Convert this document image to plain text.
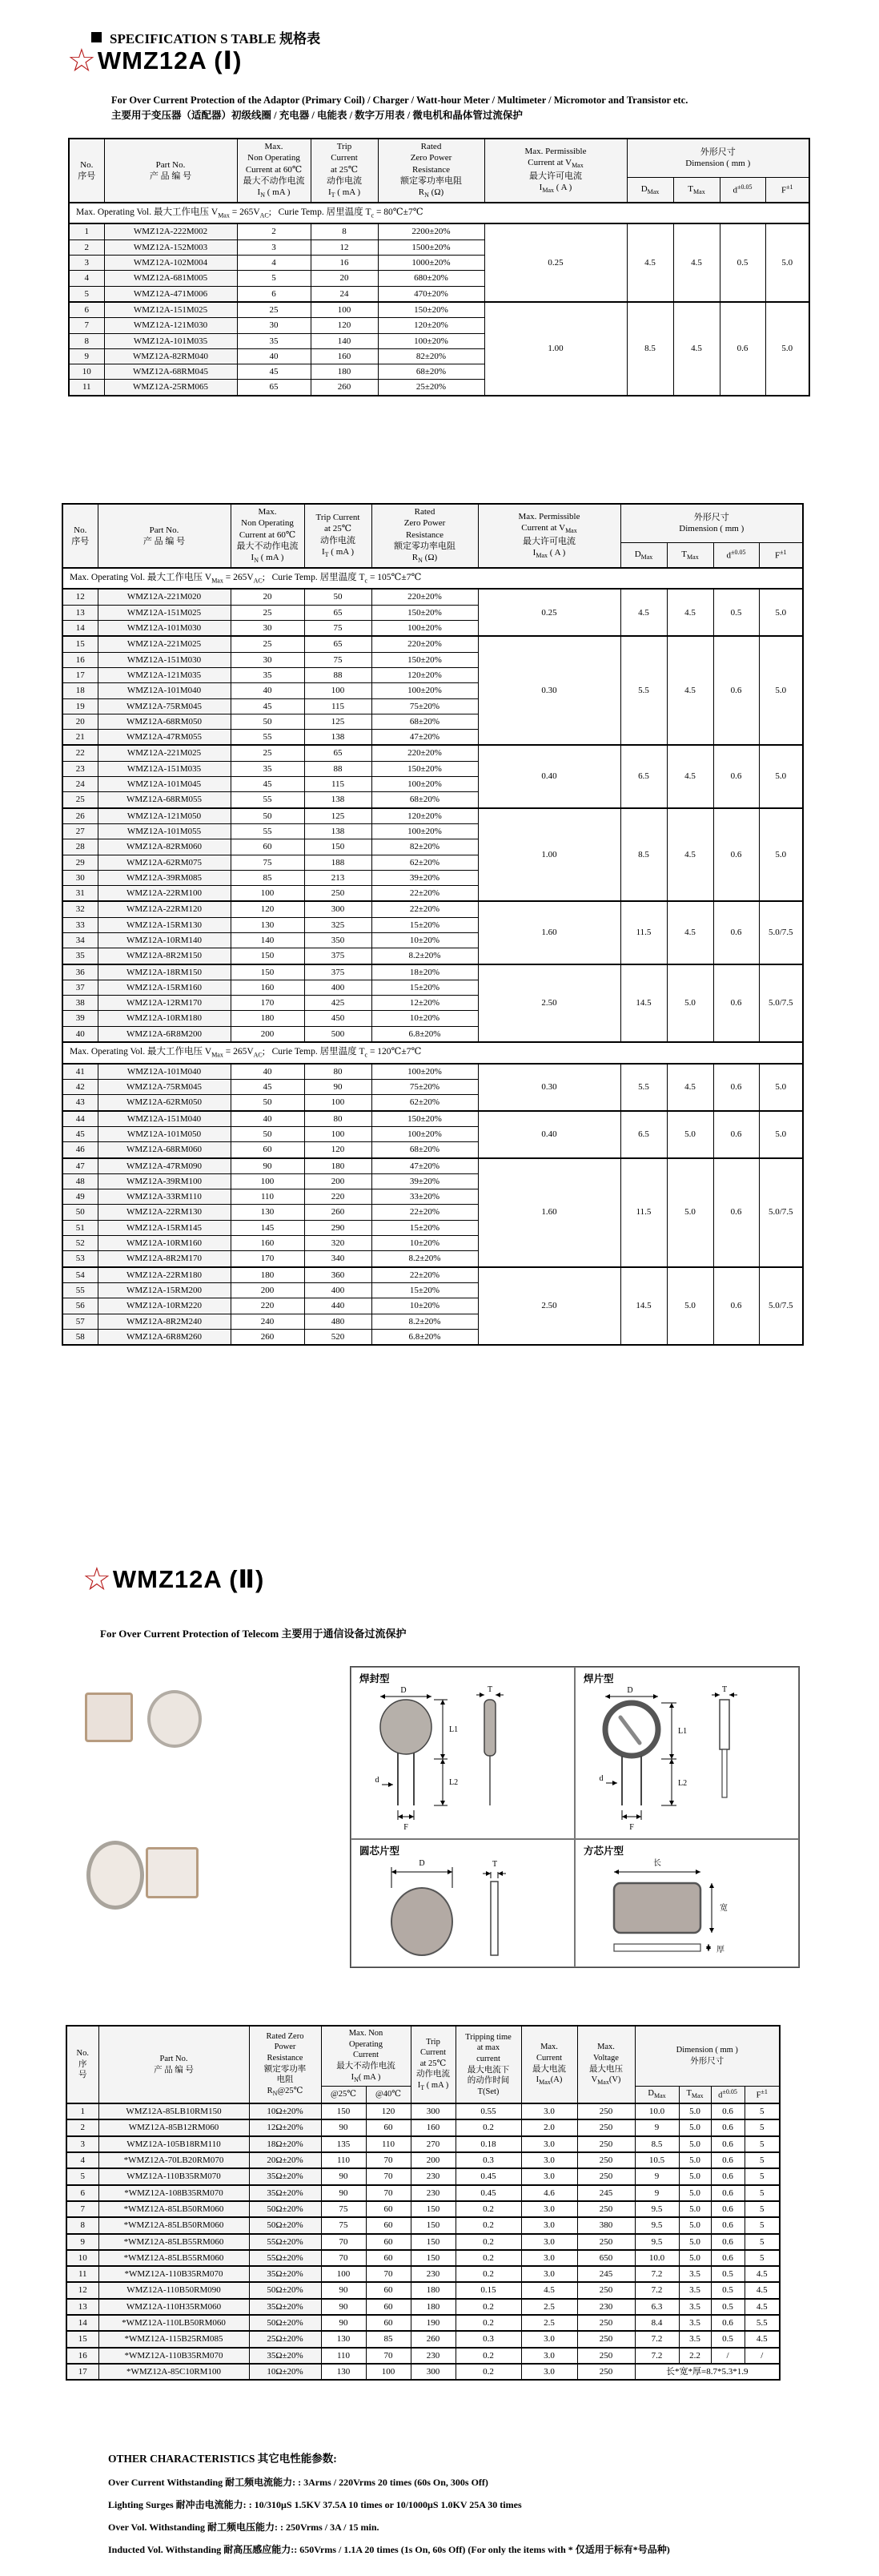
SPECIFICATION S TABLE 规格表
☆ WMZ12A (Ⅰ)
For Over Current Protection of the Adaptor (Primary Coil) / Charger / Watt-hour Meter / Multimeter / Micromotor and Transistor etc.
主要用于变压器（适配器）初级线圈 / 充电器 / 电能表 / 数字万用表 / 微电机和晶体管过流保护
No.
序号	Part No.
产 品 编 号	Max.
Non Operating
Current at 60℃
最大不动作电流
$I_N$ ( mA )	Trip
Current
at 25℃
动作电流
$I_T$ ( mA )	Rated
Zero Power
Resistance
额定零功率电阻
$R_N$ (Ω)	Max. Permissible
Current at $V_{Max}$
最大许可电流
$I_{Max}$ ( A )	外形尺寸
Dimension ( mm )			
						$D_{Max}$	$T_{Max}$	$d^{\pm 0.05}$	$F^{\pm 1}$
Max. Operating Vol. 最大工作电压 $V_{Max} = 265V_{AC}$;   Curie Temp. 居里温度 $T_c$ = 80℃±7℃									
1	WMZ12A-222M002	2	8	2200±20%	0.25	4.5	4.5	0.5	5.0
2	WMZ12A-152M003	3	12	1500±20%					
3	WMZ12A-102M004	4	16	1000±20%					
4	WMZ12A-681M005	5	20	680±20%					
5	WMZ12A-471M006	6	24	470±20%					
6	WMZ12A-151M025	25	100	150±20%	1.00	8.5	4.5	0.6	5.0
7	WMZ12A-121M030	30	120	120±20%					
8	WMZ12A-101M035	35	140	100±20%					
9	WMZ12A-82RM040	40	160	82±20%					
10	WMZ12A-68RM045	45	180	68±20%					
11	WMZ12A-25RM065	65	260	25±20%					
No.
序号	Part No.
产 品 编 号	Max.
Non Operating
Current at 60℃
最大不动作电流
$I_N$ ( mA )	Trip Current
at 25℃
动作电流
$I_T$ ( mA )	Rated
Zero Power
Resistance
额定零功率电阻
$R_N$ (Ω)	Max. Permissible
Current at $V_{Max}$
最大许可电流
$I_{Max}$ ( A )	外形尺寸
Dimension ( mm )			
						$D_{Max}$	$T_{Max}$	$d^{\pm 0.05}$	$F^{\pm 1}$
Max. Operating Vol. 最大工作电压 $V_{Max} = 265V_{AC}$;   Curie Temp. 居里温度 $T_c$ = 105℃±7℃									
12	WMZ12A-221M020	20	50	220±20%	0.25	4.5	4.5	0.5	5.0
13	WMZ12A-151M025	25	65	150±20%					
14	WMZ12A-101M030	30	75	100±20%					
15	WMZ12A-221M025	25	65	220±20%	0.30	5.5	4.5	0.6	5.0
16	WMZ12A-151M030	30	75	150±20%					
17	WMZ12A-121M035	35	88	120±20%					
18	WMZ12A-101M040	40	100	100±20%					
19	WMZ12A-75RM045	45	115	75±20%					
20	WMZ12A-68RM050	50	125	68±20%					
21	WMZ12A-47RM055	55	138	47±20%					
22	WMZ12A-221M025	25	65	220±20%	0.40	6.5	4.5	0.6	5.0
23	WMZ12A-151M035	35	88	150±20%					
24	WMZ12A-101M045	45	115	100±20%					
25	WMZ12A-68RM055	55	138	68±20%					
26	WMZ12A-121M050	50	125	120±20%	1.00	8.5	4.5	0.6	5.0
27	WMZ12A-101M055	55	138	100±20%					
28	WMZ12A-82RM060	60	150	82±20%					
29	WMZ12A-62RM075	75	188	62±20%					
30	WMZ12A-39RM085	85	213	39±20%					
31	WMZ12A-22RM100	100	250	22±20%					
32	WMZ12A-22RM120	120	300	22±20%	1.60	11.5	4.5	0.6	5.0/7.5
33	WMZ12A-15RM130	130	325	15±20%					
34	WMZ12A-10RM140	140	350	10±20%					
35	WMZ12A-8R2M150	150	375	8.2±20%					
36	WMZ12A-18RM150	150	375	18±20%	2.50	14.5	5.0	0.6	5.0/7.5
37	WMZ12A-15RM160	160	400	15±20%					
38	WMZ12A-12RM170	170	425	12±20%					
39	WMZ12A-10RM180	180	450	10±20%					
40	WMZ12A-6R8M200	200	500	6.8±20%					
Max. Operating Vol. 最大工作电压 $V_{Max} = 265V_{AC}$;   Curie Temp. 居里温度 $T_c$ = 120℃±7℃									
41	WMZ12A-101M040	40	80	100±20%	0.30	5.5	4.5	0.6	5.0
42	WMZ12A-75RM045	45	90	75±20%					
43	WMZ12A-62RM050	50	100	62±20%					
44	WMZ12A-151M040	40	80	150±20%	0.40	6.5	5.0	0.6	5.0
45	WMZ12A-101M050	50	100	100±20%					
46	WMZ12A-68RM060	60	120	68±20%					
47	WMZ12A-47RM090	90	180	47±20%	1.60	11.5	5.0	0.6	5.0/7.5
48	WMZ12A-39RM100	100	200	39±20%					
49	WMZ12A-33RM110	110	220	33±20%					
50	WMZ12A-22RM130	130	260	22±20%					
51	WMZ12A-15RM145	145	290	15±20%					
52	WMZ12A-10RM160	160	320	10±20%					
53	WMZ12A-8R2M170	170	340	8.2±20%					
54	WMZ12A-22RM180	180	360	22±20%	2.50	14.5	5.0	0.6	5.0/7.5
55	WMZ12A-15RM200	200	400	15±20%					
56	WMZ12A-10RM220	220	440	10±20%					
57	WMZ12A-8R2M240	240	480	8.2±20%					
58	WMZ12A-6R8M260	260	520	6.8±20%					
☆ WMZ12A (Ⅱ)
For Over Current Protection of Telecom 主要用于通信设备过流保护
焊封型
D
L1
L2
d
F
T
焊片型
D
L1
L2
d
F
T
圆芯片型
D	T
方芯片型
长
宽
厚
No.
序
号	Part No.
产 品 编 号	Rated Zero
Power
Resistance
额定零功率
电阻
$R_N@25℃$	Max. Non
Operating
Current
最大不动作电流
$I_N$( mA )	Trip
Current
at 25℃
动作电流
$I_T$ ( mA )	Tripping time
at max
current
最大电流下
的动作时间
T(Set)	Max.
Current
最大电流
$I_{Max}(A)$	Max.
Voltage
最大电压
$V_{Max}(V)$	Dimension ( mm )
外形尺寸
			@25℃	@40℃					$D_{Max}$	$T_{Max}$	$d^{\pm 0.05}$	$F^{\pm 1}$
1	WMZ12A-85LB10RM150	10Ω±20%	150	120	300	0.55	3.0	250	10.0	5.0	0.6	5
2	WMZ12A-85B12RM060	12Ω±20%	90	60	160	0.2	2.0	250	9	5.0	0.6	5
3	WMZ12A-105B18RM110	18Ω±20%	135	110	270	0.18	3.0	250	8.5	5.0	0.6	5
4	*WMZ12A-70LB20RM070	20Ω±20%	110	70	200	0.3	3.0	250	10.5	5.0	0.6	5
5	WMZ12A-110B35RM070	35Ω±20%	90	70	230	0.45	3.0	250	9	5.0	0.6	5
6	*WMZ12A-108B35RM070	35Ω±20%	90	70	230	0.45	4.6	245	9	5.0	0.6	5
7	*WMZ12A-85LB50RM060	50Ω±20%	75	60	150	0.2	3.0	250	9.5	5.0	0.6	5
8	*WMZ12A-85LB50RM060	50Ω±20%	75	60	150	0.2	3.0	380	9.5	5.0	0.6	5
9	*WMZ12A-85LB55RM060	55Ω±20%	70	60	150	0.2	3.0	250	9.5	5.0	0.6	5
10	*WMZ12A-85LB55RM060	55Ω±20%	70	60	150	0.2	3.0	650	10.0	5.0	0.6	5
11	*WMZ12A-110B35RM070	35Ω±20%	100	70	230	0.2	3.0	245	7.2	3.5	0.5	4.5
12	WMZ12A-110B50RM090	50Ω±20%	90	60	180	0.15	4.5	250	7.2	3.5	0.5	4.5
13	WMZ12A-110H35RM060	35Ω±20%	90	60	180	0.2	2.5	230	6.3	3.5	0.5	4.5
14	*WMZ12A-110LB50RM060	50Ω±20%	90	60	190	0.2	2.5	250	8.4	3.5	0.6	5.5
15	*WMZ12A-115B25RM085	25Ω±20%	130	85	260	0.3	3.0	250	7.2	3.5	0.5	4.5
16	*WMZ12A-110B35RM070	35Ω±20%	110	70	230	0.2	3.0	250	7.2	2.2	/	/
17	*WMZ12A-85C10RM100	10Ω±20%	130	100	300	0.2	3.0	250	长*宽*厚=8.7*5.3*1.9			
OTHER CHARACTERISTICS 其它电性能参数:
Over Current Withstanding 耐工频电流能力: : 3Arms / 220Vrms 20 times (60s On, 300s Off)
Lighting Surges 耐冲击电流能力: : 10/310μS 1.5KV 37.5A 10 times or 10/1000μS 1.0KV 25A 30 times
Over Vol. Withstanding 耐工频电压能力: : 250Vrms / 3A / 15 min.
Inducted Vol. Withstanding 耐高压感应能力:: 650Vrms / 1.1A 20 times (1s On, 60s Off) (For only the items with * 仅适用于标有*号品种)
